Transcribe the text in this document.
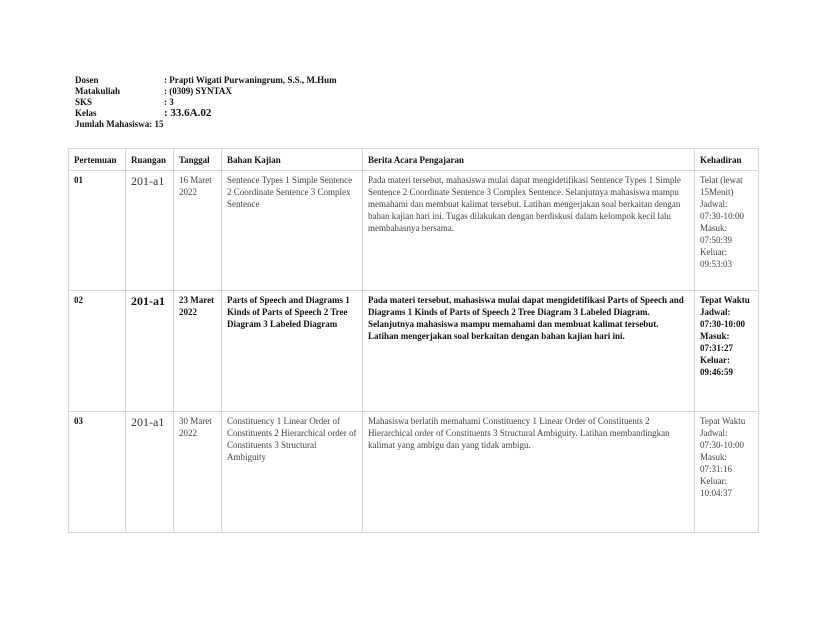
Dosen	: Prapti Wigati Purwaningrum, S.S., M.Hum
Matakuliah	: (0309) SYNTAX
SKS	: 3
Kelas	: 33.6A.02
Jumlah Mahasiswa : 15
Pertemuan	Ruangan	Tanggal	Bahan Kajian	Berita Acara Pengajaran	Kehadiran
01	201-a1	16 Maret 2022	Sentence Types 1 Simple Sentence 2 Coordinate Sentence 3 Complex Sentence	Pada materi tersebut, mahasiswa mulai dapat mengidetifikasi Sentence Types 1 Simple Sentence 2 Coordinate Sentence 3 Complex Sentence. Selanjutnya mahasiswa mampu memahami dan membuat kalimat tersebut. Latihan mengerjakan soal berkaitan dengan bahan kajian hari ini. Tugas dilakukan dengan berdiskusi dalam kelompok kecil lalu membahasnya bersama.	Telat (lewat 15Menit) Jadwal: 07:30-10:00 Masuk: 07:50:39 Keluar: 09:53:03
02	201-a1	23 Maret 2022	Parts of Speech and Diagrams 1 Kinds of Parts of Speech 2 Tree Diagram 3 Labeled Diagram	Pada materi tersebut, mahasiswa mulai dapat mengidetifikasi Parts of Speech and Diagrams 1 Kinds of Parts of Speech 2 Tree Diagram 3 Labeled Diagram. Selanjutnya mahasiswa mampu memahami dan membuat kalimat tersebut. Latihan mengerjakan soal berkaitan dengan bahan kajian hari ini.	Tepat Waktu Jadwal: 07:30-10:00 Masuk: 07:31:27 Keluar: 09:46:59
03	201-a1	30 Maret 2022	Constituency 1 Linear Order of Constituents 2 Hierarchical order of Constituents 3 Structural Ambiguity	Mahasiswa berlatih memahami Constituency 1 Linear Order of Constituents 2 Hierarchical order of Constituents 3 Structural Ambiguity. Latihan membandingkan kalimat yang ambigu dan yang tidak ambigu.	Tepat Waktu Jadwal: 07:30-10:00 Masuk: 07:31:16 Keluar: 10:04:37
